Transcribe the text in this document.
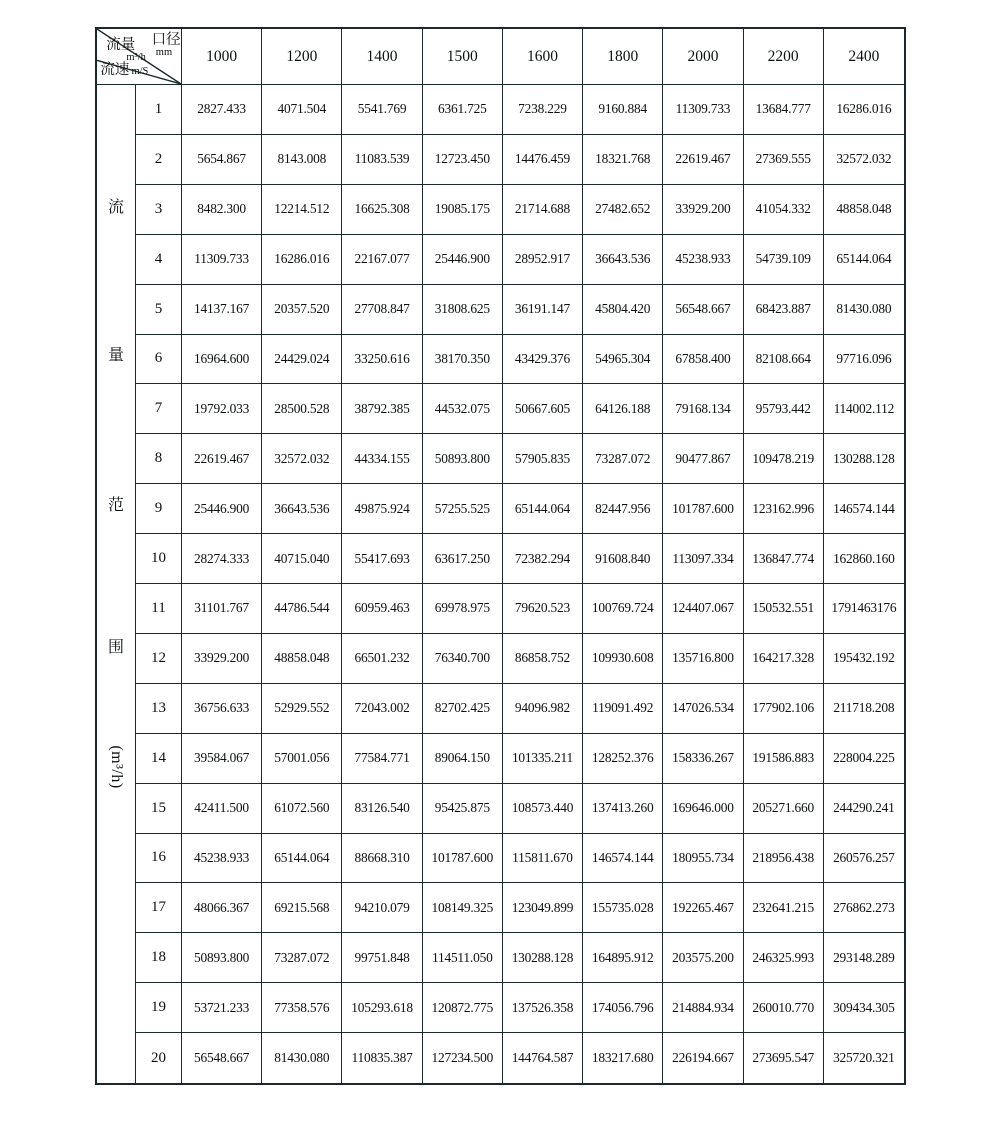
流量
m³/h
口径
mm
流速 m/S
1000	1200	1400	1500	1600	1800	2000	2200	2400
流
量
范
围
(m³/h)
1	2827.433	4071.504	5541.769	6361.725	7238.229	9160.884	11309.733	13684.777	16286.016
2	5654.867	8143.008	11083.539	12723.450	14476.459	18321.768	22619.467	27369.555	32572.032
3	8482.300	12214.512	16625.308	19085.175	21714.688	27482.652	33929.200	41054.332	48858.048
4	11309.733	16286.016	22167.077	25446.900	28952.917	36643.536	45238.933	54739.109	65144.064
5	14137.167	20357.520	27708.847	31808.625	36191.147	45804.420	56548.667	68423.887	81430.080
6	16964.600	24429.024	33250.616	38170.350	43429.376	54965.304	67858.400	82108.664	97716.096
7	19792.033	28500.528	38792.385	44532.075	50667.605	64126.188	79168.134	95793.442	114002.112
8	22619.467	32572.032	44334.155	50893.800	57905.835	73287.072	90477.867	109478.219	130288.128
9	25446.900	36643.536	49875.924	57255.525	65144.064	82447.956	101787.600	123162.996	146574.144
10	28274.333	40715.040	55417.693	63617.250	72382.294	91608.840	113097.334	136847.774	162860.160
11	31101.767	44786.544	60959.463	69978.975	79620.523	100769.724	124407.067	150532.551	1791463176
12	33929.200	48858.048	66501.232	76340.700	86858.752	109930.608	135716.800	164217.328	195432.192
13	36756.633	52929.552	72043.002	82702.425	94096.982	119091.492	147026.534	177902.106	211718.208
14	39584.067	57001.056	77584.771	89064.150	101335.211	128252.376	158336.267	191586.883	228004.225
15	42411.500	61072.560	83126.540	95425.875	108573.440	137413.260	169646.000	205271.660	244290.241
16	45238.933	65144.064	88668.310	101787.600	115811.670	146574.144	180955.734	218956.438	260576.257
17	48066.367	69215.568	94210.079	108149.325	123049.899	155735.028	192265.467	232641.215	276862.273
18	50893.800	73287.072	99751.848	114511.050	130288.128	164895.912	203575.200	246325.993	293148.289
19	53721.233	77358.576	105293.618	120872.775	137526.358	174056.796	214884.934	260010.770	309434.305
20	56548.667	81430.080	110835.387	127234.500	144764.587	183217.680	226194.667	273695.547	325720.321
